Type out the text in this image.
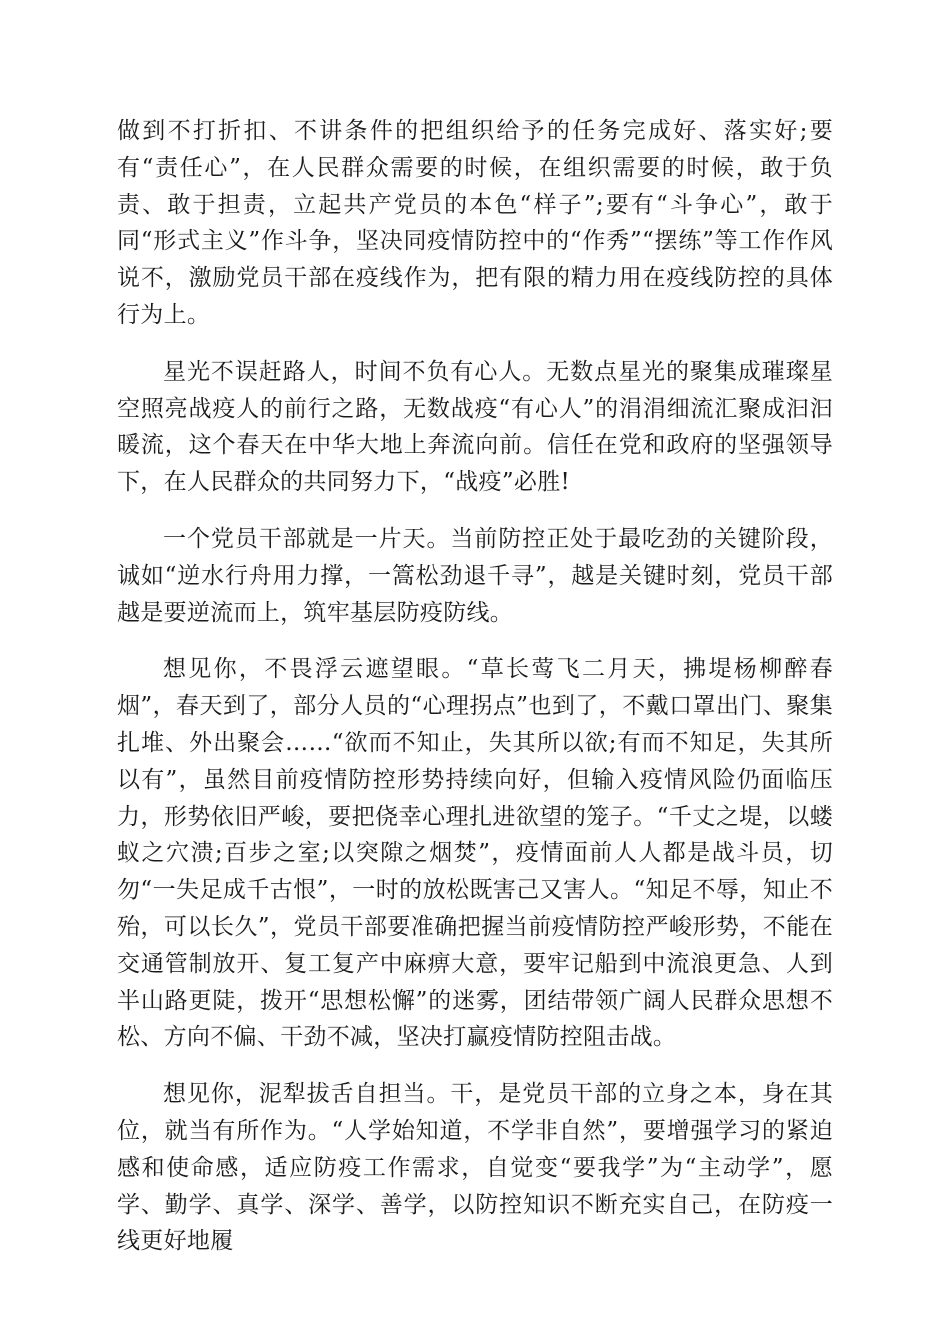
做到不打折扣、不讲条件的把组织给予的任务完成好、落实好;要有“责任心”，在人民群众需要的时候，在组织需要的时候，敢于负责、敢于担责，立起共产党员的本色“样子”;要有“斗争心”，敢于同“形式主义”作斗争，坚决同疫情防控中的“作秀”“摆练”等工作作风说不，激励党员干部在疫线作为，把有限的精力用在疫线防控的具体行为上。

星光不误赶路人，时间不负有心人。无数点星光的聚集成璀璨星空照亮战疫人的前行之路，无数战疫“有心人”的涓涓细流汇聚成汩汩暖流，这个春天在中华大地上奔流向前。信任在党和政府的坚强领导下，在人民群众的共同努力下，“战疫”必胜!

一个党员干部就是一片天。当前防控正处于最吃劲的关键阶段，诚如“逆水行舟用力撑，一篙松劲退千寻”，越是关键时刻，党员干部越是要逆流而上，筑牢基层防疫防线。

想见你，不畏浮云遮望眼。“草长莺飞二月天，拂堤杨柳醉春烟”，春天到了，部分人员的“心理拐点”也到了，不戴口罩出门、聚集扎堆、外出聚会……“欲而不知止，失其所以欲;有而不知足，失其所以有”，虽然目前疫情防控形势持续向好，但输入疫情风险仍面临压力，形势依旧严峻，要把侥幸心理扎进欲望的笼子。“千丈之堤，以蝼蚁之穴溃;百步之室;以突隙之烟焚”，疫情面前人人都是战斗员，切勿“一失足成千古恨”，一时的放松既害己又害人。“知足不辱，知止不殆，可以长久”，党员干部要准确把握当前疫情防控严峻形势，不能在交通管制放开、复工复产中麻痹大意，要牢记船到中流浪更急、人到半山路更陡，拨开“思想松懈”的迷雾，团结带领广阔人民群众思想不松、方向不偏、干劲不减，坚决打赢疫情防控阻击战。

想见你，泥犁拔舌自担当。干，是党员干部的立身之本，身在其位，就当有所作为。“人学始知道，不学非自然”，要增强学习的紧迫感和使命感，适应防疫工作需求，自觉变“要我学”为“主动学”，愿学、勤学、真学、深学、善学，以防控知识不断充实自己，在防疫一线更好地履
